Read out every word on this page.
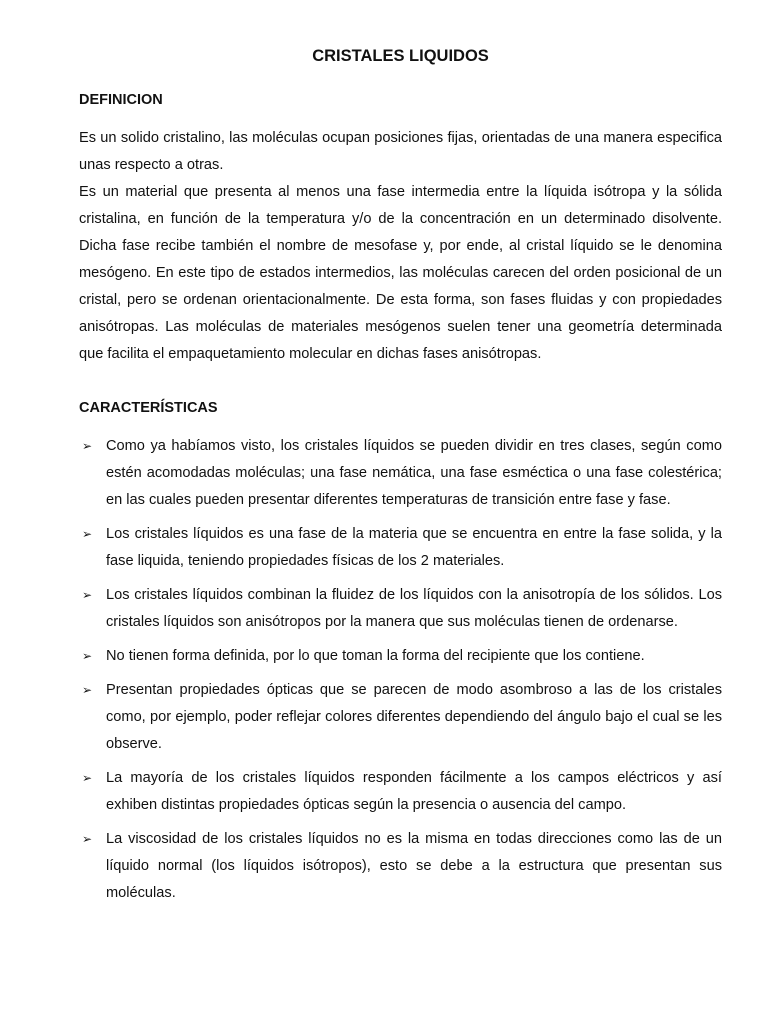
CRISTALES LIQUIDOS
DEFINICION

Es un solido cristalino, las moléculas ocupan posiciones fijas, orientadas de una manera especifica unas respecto a otras.

Es un material que presenta al menos una fase intermedia entre la líquida isótropa y la sólida cristalina, en función de la temperatura y/o de la concentración en un determinado disolvente. Dicha fase recibe también el nombre de mesofase y, por ende, al cristal líquido se le denomina mesógeno. En este tipo de estados intermedios, las moléculas carecen del orden posicional de un cristal, pero se ordenan orientacionalmente. De esta forma, son fases fluidas y con propiedades anisótropas. Las moléculas de materiales mesógenos suelen tener una geometría determinada que facilita el empaquetamiento molecular en dichas fases anisótropas.

CARACTERÍSTICAS
➢ Como ya habíamos visto, los cristales líquidos se pueden dividir en tres clases, según como estén acomodadas moléculas; una fase nemática, una fase esméctica o una fase colestérica; en las cuales pueden presentar diferentes temperaturas de transición entre fase y fase.
➢ Los cristales líquidos es una fase de la materia que se encuentra en entre la fase solida, y la fase liquida, teniendo propiedades físicas de los 2 materiales.
➢ Los cristales líquidos combinan la fluidez de los líquidos con la anisotropía de los sólidos. Los cristales líquidos son anisótropos por la manera que sus moléculas tienen de ordenarse.
➢ No tienen forma definida, por lo que toman la forma del recipiente que los contiene.
➢ Presentan propiedades ópticas que se parecen de modo asombroso a las de los cristales como, por ejemplo, poder reflejar colores diferentes dependiendo del ángulo bajo el cual se les observe.
➢ La mayoría de los cristales líquidos responden fácilmente a los campos eléctricos y así exhiben distintas propiedades ópticas según la presencia o ausencia del campo.
➢ La viscosidad de los cristales líquidos no es la misma en todas direcciones como las de un líquido normal (los líquidos isótropos), esto se debe a la estructura que presentan sus moléculas.
